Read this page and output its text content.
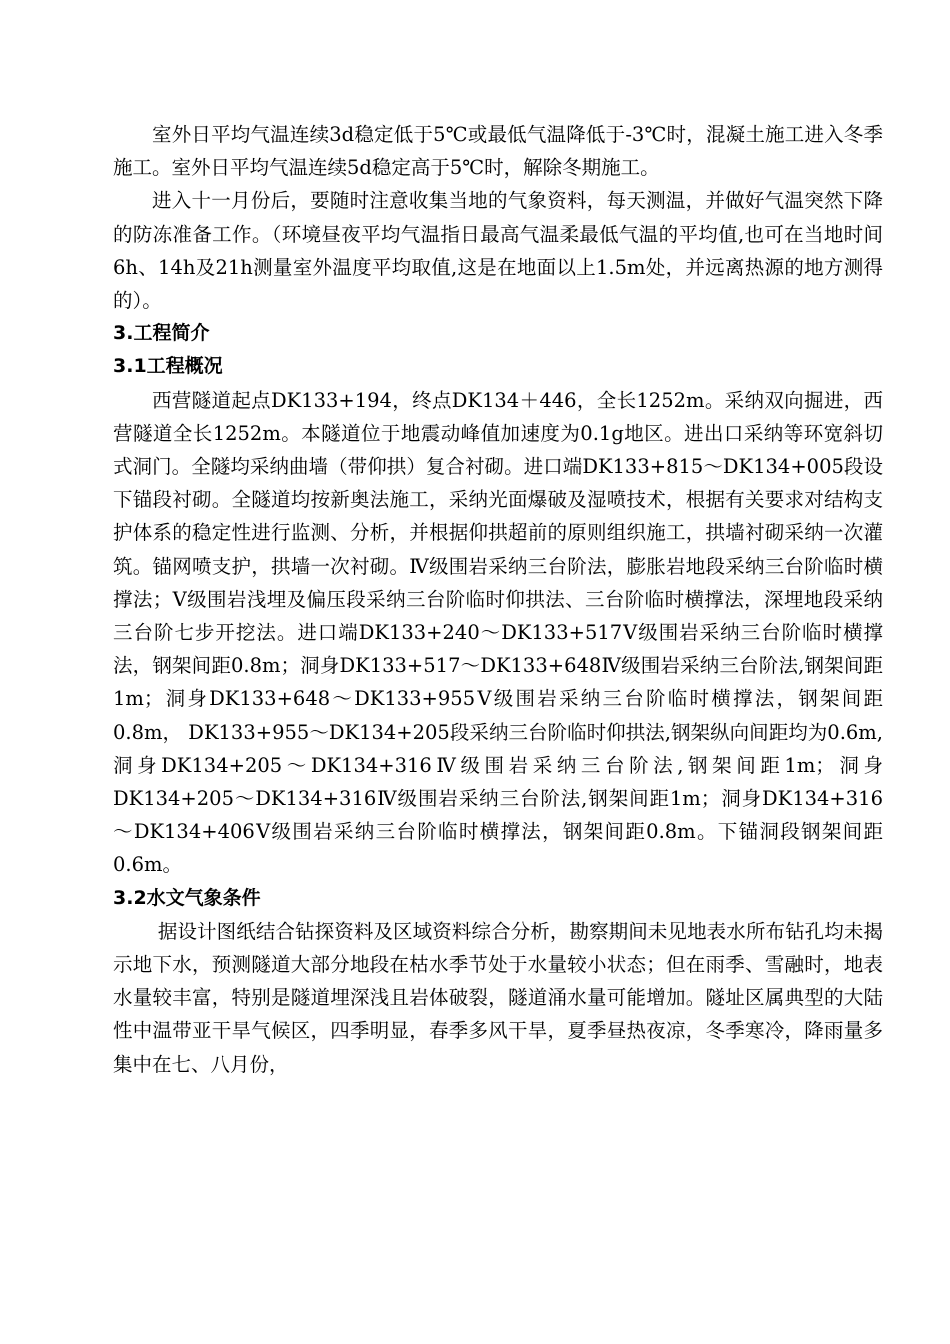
室外日平均气温连续3d稳定低于5℃或最低气温降低于-3℃时，混凝土施工进入冬季施工。室外日平均气温连续5d稳定高于5℃时，解除冬期施工。

进入十一月份后，要随时注意收集当地的气象资料，每天测温，并做好气温突然下降的防冻准备工作。（环境昼夜平均气温指日最高气温柔最低气温的平均值,也可在当地时间6h、14h及21h测量室外温度平均取值,这是在地面以上1.5m处，并远离热源的地方测得的）。

3.工程简介
3.1工程概况

西营隧道起点DK133+194，终点DK134＋446，全长1252m。采纳双向掘进，西营隧道全长1252m。本隧道位于地震动峰值加速度为0.1g地区。进出口采纳等环宽斜切式洞门。全隧均采纳曲墙（带仰拱）复合衬砌。进口端DK133+815～DK134+005段设下锚段衬砌。全隧道均按新奥法施工，采纳光面爆破及湿喷技术，根据有关要求对结构支护体系的稳定性进行监测、分析，并根据仰拱超前的原则组织施工，拱墙衬砌采纳一次灌筑。锚网喷支护，拱墙一次衬砌。Ⅳ级围岩采纳三台阶法，膨胀岩地段采纳三台阶临时横撑法；Ⅴ级围岩浅埋及偏压段采纳三台阶临时仰拱法、三台阶临时横撑法，深埋地段采纳三台阶七步开挖法。进口端DK133+240～DK133+517Ⅴ级围岩采纳三台阶临时横撑法，钢架间距0.8m；洞身DK133+517～DK133+648Ⅳ级围岩采纳三台阶法,钢架间距1m；洞身DK133+648～DK133+955Ⅴ级围岩采纳三台阶临时横撑法，钢架间距0.8m， DK133+955～DK134+205段采纳三台阶临时仰拱法,钢架纵向间距均为0.6m, 洞身DK134+205～DK134+316Ⅳ级围岩采纳三台阶法,钢架间距1m；洞身DK134+205～DK134+316Ⅳ级围岩采纳三台阶法,钢架间距1m；洞身DK134+316～DK134+406Ⅴ级围岩采纳三台阶临时横撑法，钢架间距0.8m。下锚洞段钢架间距0.6m。

3.2水文气象条件

据设计图纸结合钻探资料及区域资料综合分析，勘察期间未见地表水所布钻孔均未揭示地下水，预测隧道大部分地段在枯水季节处于水量较小状态；但在雨季、雪融时，地表水量较丰富，特别是隧道埋深浅且岩体破裂，隧道涌水量可能增加。隧址区属典型的大陆性中温带亚干旱气候区，四季明显，春季多风干旱，夏季昼热夜凉，冬季寒冷，降雨量多集中在七、八月份，
